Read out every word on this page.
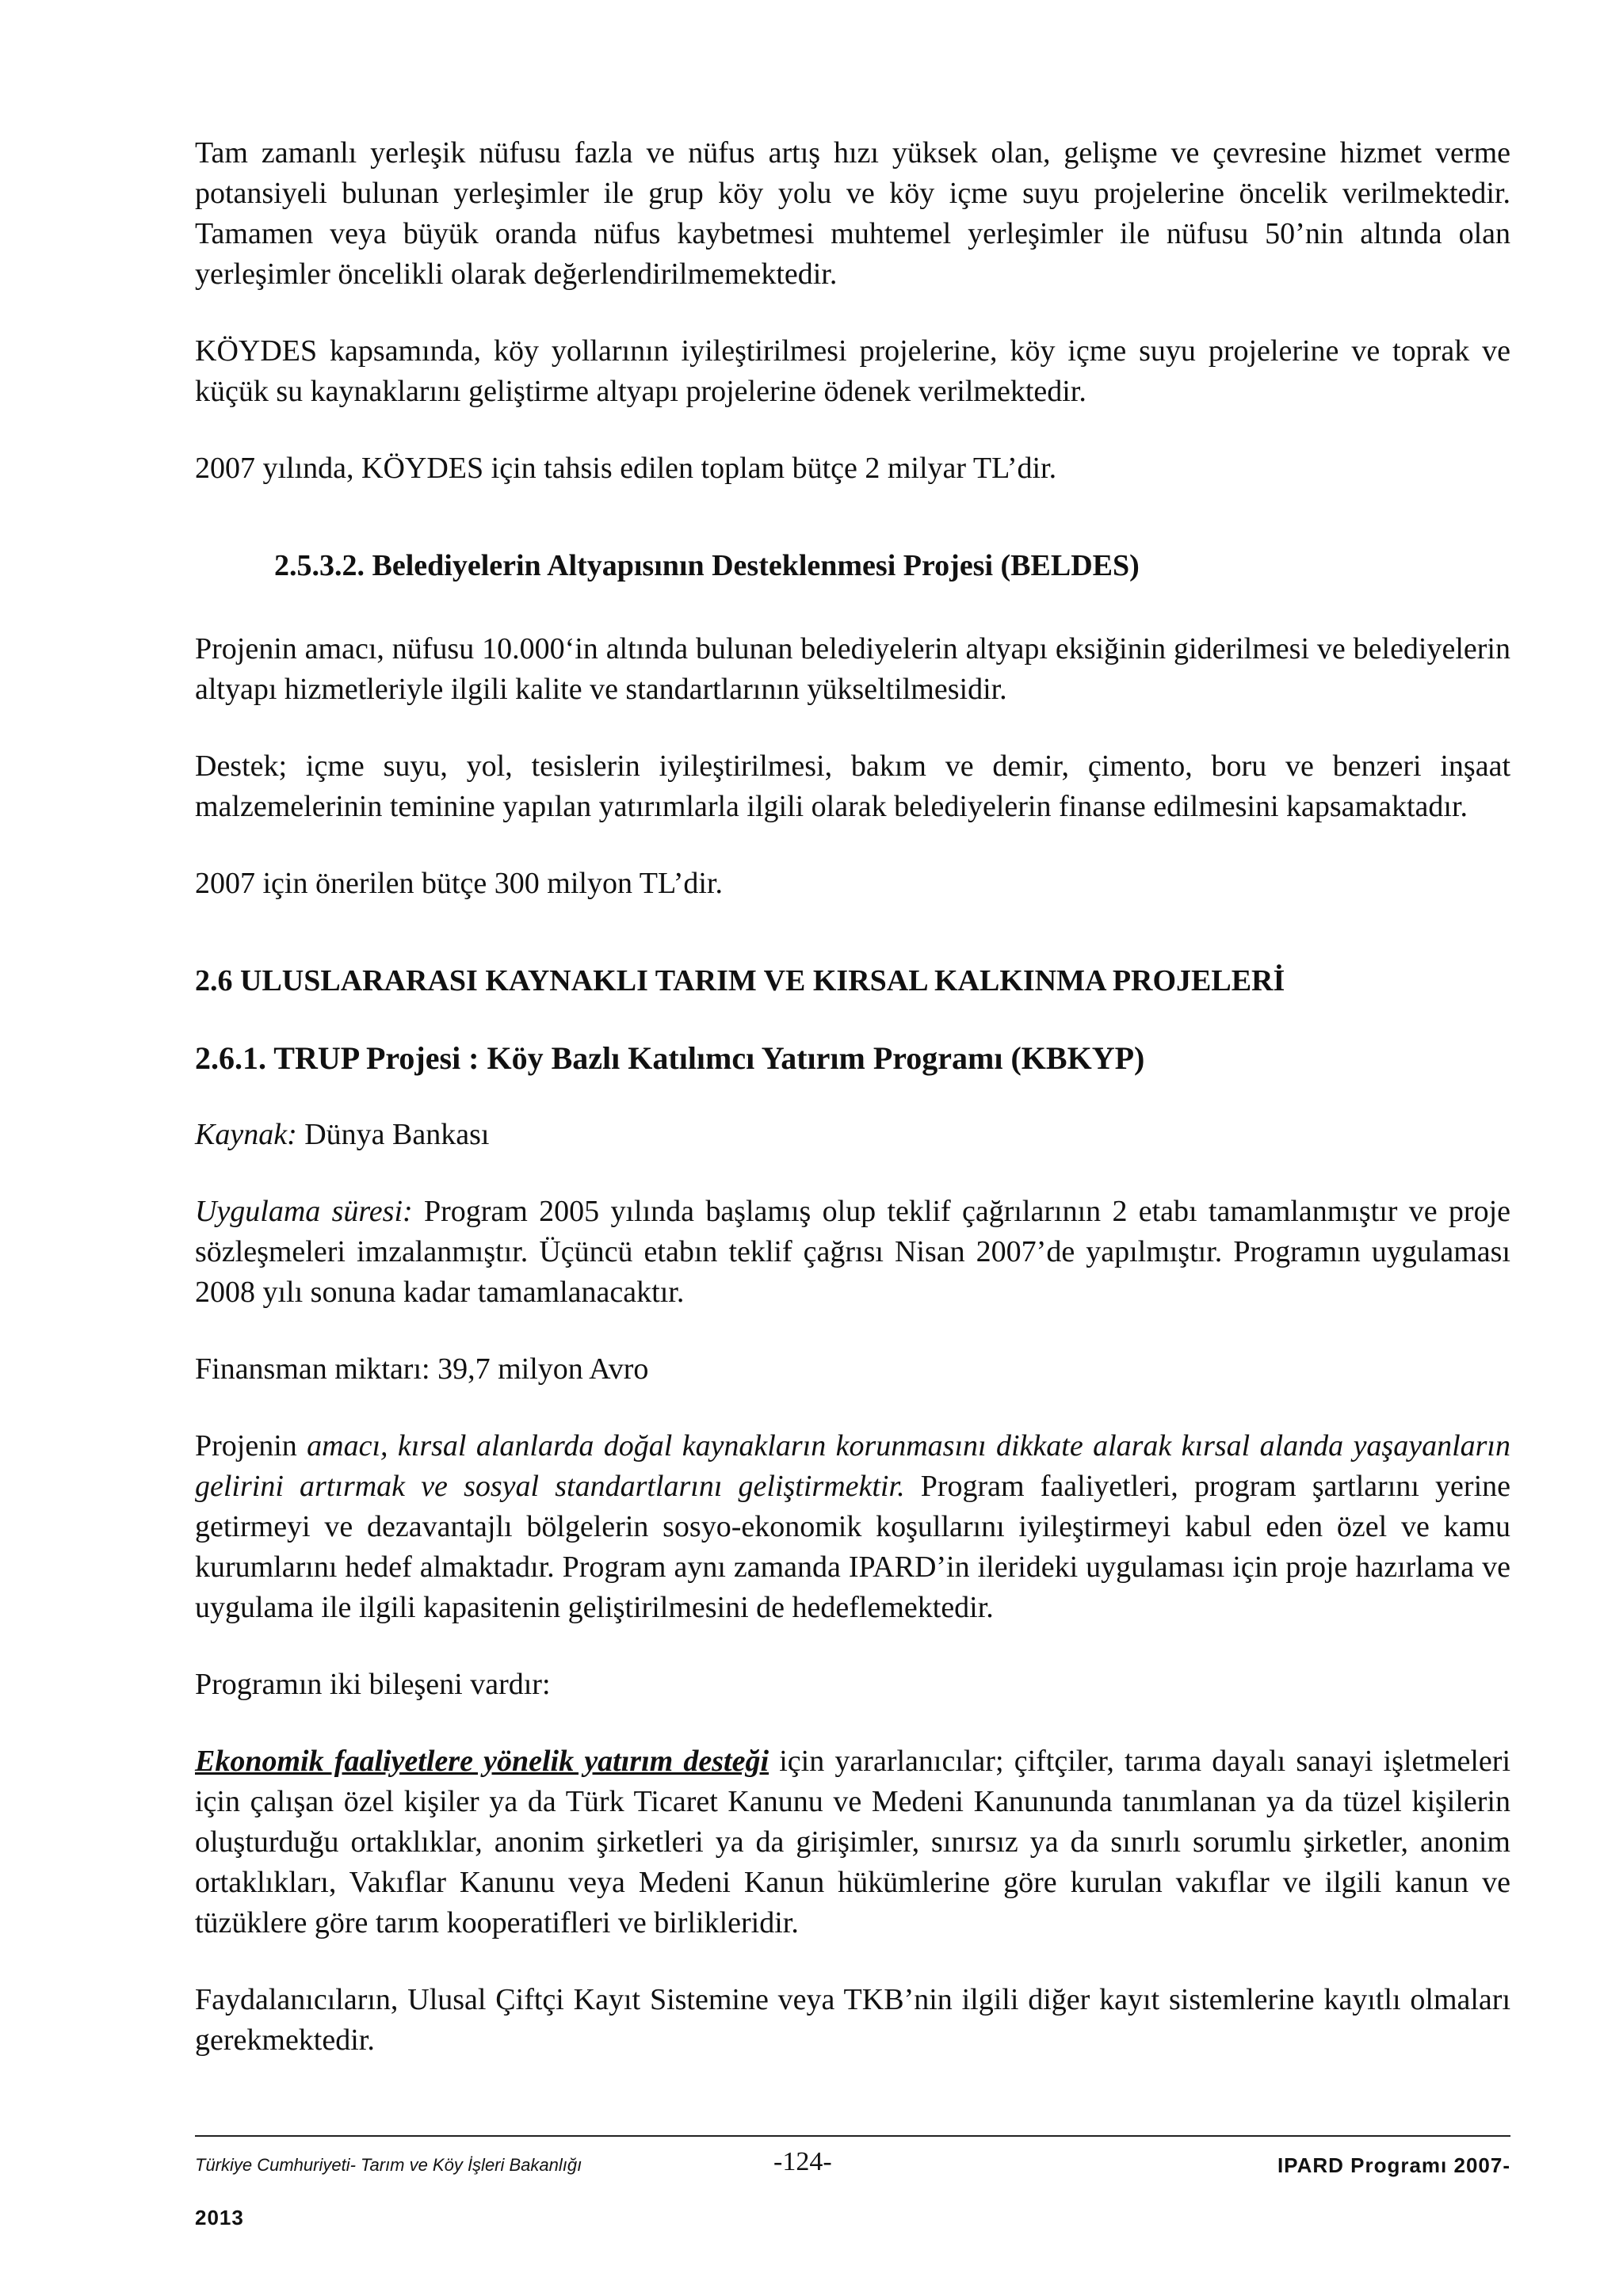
Tam zamanlı yerleşik nüfusu fazla ve nüfus artış hızı yüksek olan, gelişme ve çevresine hizmet verme potansiyeli bulunan yerleşimler ile grup köy yolu ve köy içme suyu projelerine öncelik verilmektedir. Tamamen veya büyük oranda nüfus kaybetmesi muhtemel yerleşimler ile nüfusu 50’nin altında olan yerleşimler öncelikli olarak değerlendirilmemektedir.

KÖYDES kapsamında, köy yollarının iyileştirilmesi projelerine, köy içme suyu projelerine ve toprak ve küçük su kaynaklarını geliştirme altyapı projelerine ödenek verilmektedir.

2007 yılında, KÖYDES için tahsis edilen toplam bütçe 2 milyar TL’dir.

2.5.3.2. Belediyelerin Altyapısının Desteklenmesi Projesi (BELDES)

Projenin amacı, nüfusu 10.000‘in altında bulunan belediyelerin altyapı eksiğinin giderilmesi ve belediyelerin altyapı hizmetleriyle ilgili kalite ve standartlarının yükseltilmesidir.

Destek; içme suyu, yol, tesislerin iyileştirilmesi, bakım ve demir, çimento, boru ve benzeri inşaat malzemelerinin teminine yapılan yatırımlarla ilgili olarak belediyelerin finanse edilmesini kapsamaktadır.

2007 için önerilen bütçe 300 milyon TL’dir.

2.6 ULUSLARARASI KAYNAKLI TARIM VE KIRSAL KALKINMA PROJELERİ

2.6.1. TRUP Projesi : Köy Bazlı Katılımcı Yatırım Programı (KBKYP)

Kaynak: Dünya Bankası

Uygulama süresi: Program 2005 yılında başlamış olup teklif çağrılarının 2 etabı tamamlanmıştır ve proje sözleşmeleri imzalanmıştır. Üçüncü etabın teklif çağrısı Nisan 2007’de yapılmıştır. Programın uygulaması 2008 yılı sonuna kadar tamamlanacaktır.

Finansman miktarı: 39,7 milyon Avro

Projenin amacı, kırsal alanlarda doğal kaynakların korunmasını dikkate alarak kırsal alanda yaşayanların gelirini artırmak ve sosyal standartlarını geliştirmektir. Program faaliyetleri, program şartlarını yerine getirmeyi ve dezavantajlı bölgelerin sosyo-ekonomik koşullarını iyileştirmeyi kabul eden özel ve kamu kurumlarını hedef almaktadır. Program aynı zamanda IPARD’in ilerideki uygulaması için proje hazırlama ve uygulama ile ilgili kapasitenin geliştirilmesini de hedeflemektedir.

Programın iki bileşeni vardır:

Ekonomik faaliyetlere yönelik yatırım desteği için yararlanıcılar; çiftçiler, tarıma dayalı sanayi işletmeleri için çalışan özel kişiler ya da Türk Ticaret Kanunu ve Medeni Kanununda tanımlanan ya da tüzel kişilerin oluşturduğu ortaklıklar, anonim şirketleri ya da girişimler, sınırsız ya da sınırlı sorumlu şirketler, anonim ortaklıkları, Vakıflar Kanunu veya Medeni Kanun hükümlerine göre kurulan vakıflar ve ilgili kanun ve tüzüklere göre tarım kooperatifleri ve birlikleridir.

Faydalanıcıların, Ulusal Çiftçi Kayıt Sistemine veya TKB’nin ilgili diğer kayıt sistemlerine kayıtlı olmaları gerekmektedir.

Türkiye Cumhuriyeti- Tarım ve Köy İşleri Bakanlığı	-124-	IPARD Programı 2007-
2013
